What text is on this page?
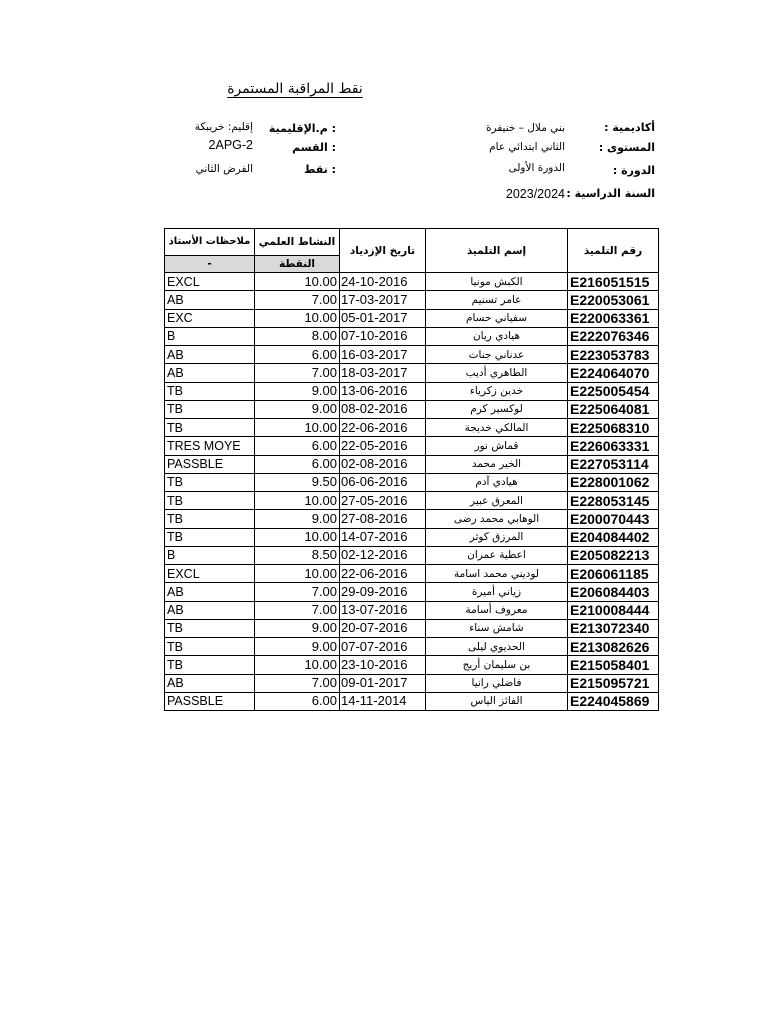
نقط المراقبة المستمرة
أكاديمية :
بني ملال – خنيفرة
المستوى :
الثاني ابتدائي عام
الدورة :
الدورة الأولى
السنة الدراسية :
2023/2024
: م.الإقليمية
إقليم: خريبكة
: القسم
2APG-2
: نقط
الفرض الثاني
ملاحظات الأستاذ	النشاط العلمي	تاريخ الإزدياد	إسم التلميذ	رقم التلميذ
-	النقطة			
EXCL	10.00	24-10-2016	الكبش مونيا	E216051515
AB	7.00	17-03-2017	عامر تسنيم	E220053061
EXC	10.00	05-01-2017	سفياني حسام	E220063361
B	8.00	07-10-2016	هيادي ريان	E222076346
AB	6.00	16-03-2017	عدناني جنات	E223053783
AB	7.00	18-03-2017	الطاهري أديب	E224064070
TB	9.00	13-06-2016	خدين زكرياء	E225005454
TB	9.00	08-02-2016	لوكسير كرم	E225064081
TB	10.00	22-06-2016	المالكي خديجة	E225068310
TRES MOYE	6.00	22-05-2016	قماش نور	E226063331
PASSBLE	6.00	02-08-2016	الخير محمد	E227053114
TB	9.50	06-06-2016	هيادي آدم	E228001062
TB	10.00	27-05-2016	المعرق عبير	E228053145
TB	9.00	27-08-2016	الوهابي محمد رضى	E200070443
TB	10.00	14-07-2016	المرزق كوثر	E204084402
B	8.50	02-12-2016	اعطية عمران	E205082213
EXCL	10.00	22-06-2016	لوديني محمد اسامة	E206061185
AB	7.00	29-09-2016	زياني أميرة	E206084403
AB	7.00	13-07-2016	معروف أسامة	E210008444
TB	9.00	20-07-2016	شامش سناء	E213072340
TB	9.00	07-07-2016	الحديوي ليلى	E213082626
TB	10.00	23-10-2016	بن سليمان أريج	E215058401
AB	7.00	09-01-2017	فاضلي رانيا	E215095721
PASSBLE	6.00	14-11-2014	الفائز الياس	E224045869
